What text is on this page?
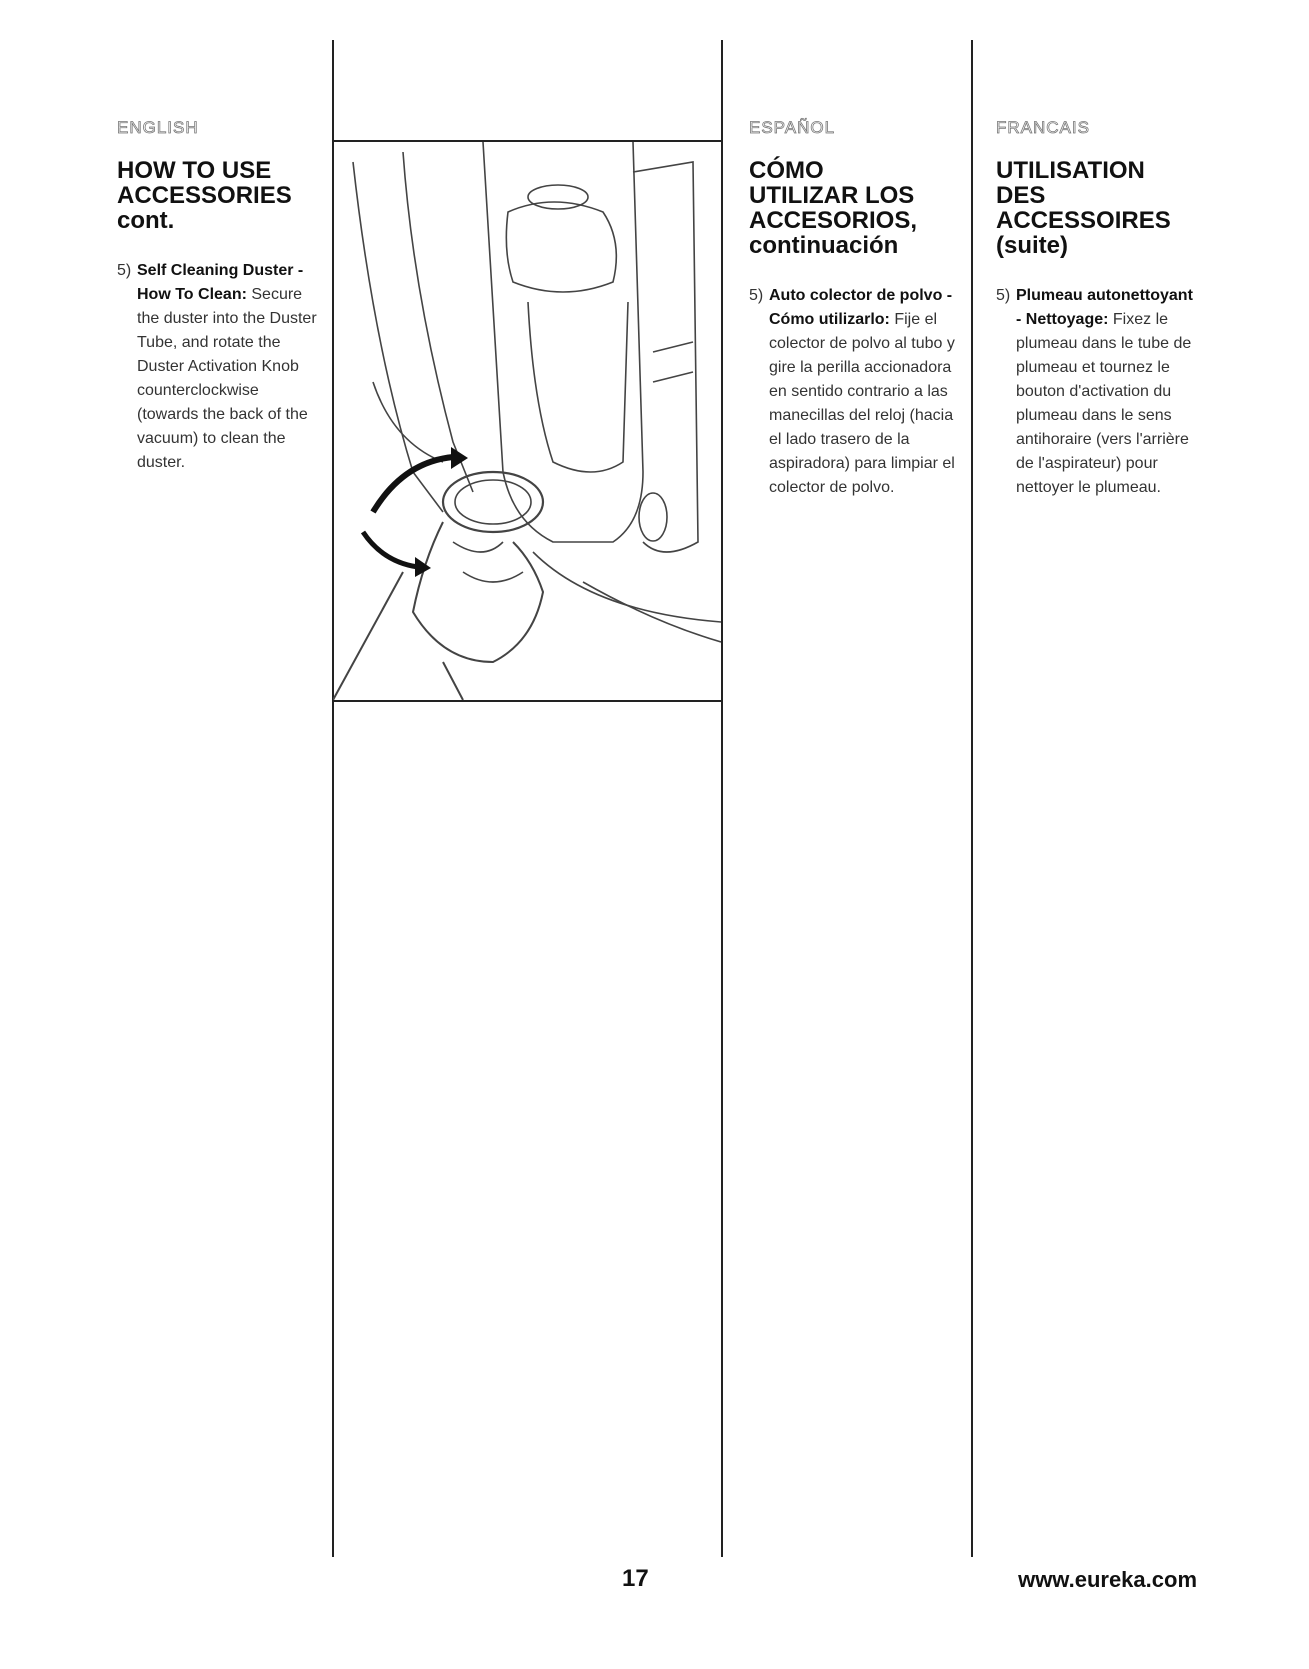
ENGLISH
HOW TO USE
ACCESSORIES
cont.
5) Self Cleaning Duster - How To Clean: Secure the duster into the Duster Tube, and rotate the Duster Activation Knob counterclockwise (towards the back of the vacuum) to clean the duster.
ESPAÑOL
CÓMO
UTILIZAR LOS
ACCESORIOS,
continuación
5) Auto colector de polvo - Cómo utilizarlo: Fije el colector de polvo al tubo y gire la perilla accionadora en sentido contrario a las manecillas del reloj (hacia el lado trasero de la aspiradora) para limpiar el colector de polvo.
FRANCAIS
UTILISATION
DES
ACCESSOIRES
(suite)
5) Plumeau autonettoyant - Nettoyage: Fixez le plumeau dans le tube de plumeau et tournez le bouton d'activation du plumeau dans le sens antihoraire (vers l'arrière de l'aspirateur) pour nettoyer le plumeau.
17	www.eureka.com
